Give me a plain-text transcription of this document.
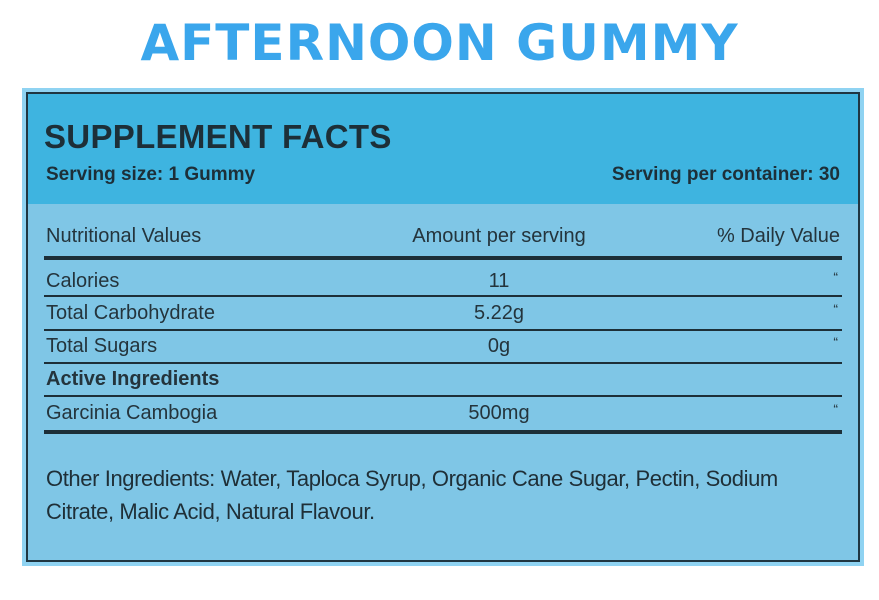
AFTERNOON GUMMY
SUPPLEMENT FACTS
Serving size: 1 Gummy	Serving per container: 30
Nutritional Values	Amount per serving	% Daily Value
Calories	11	“
Total Carbohydrate	5.22g	“
Total Sugars	0g	“
Active Ingredients
Garcinia Cambogia	500mg	“
Other Ingredients: Water, Taploca Syrup, Organic Cane Sugar, Pectin, Sodium Citrate, Malic Acid, Natural Flavour.
